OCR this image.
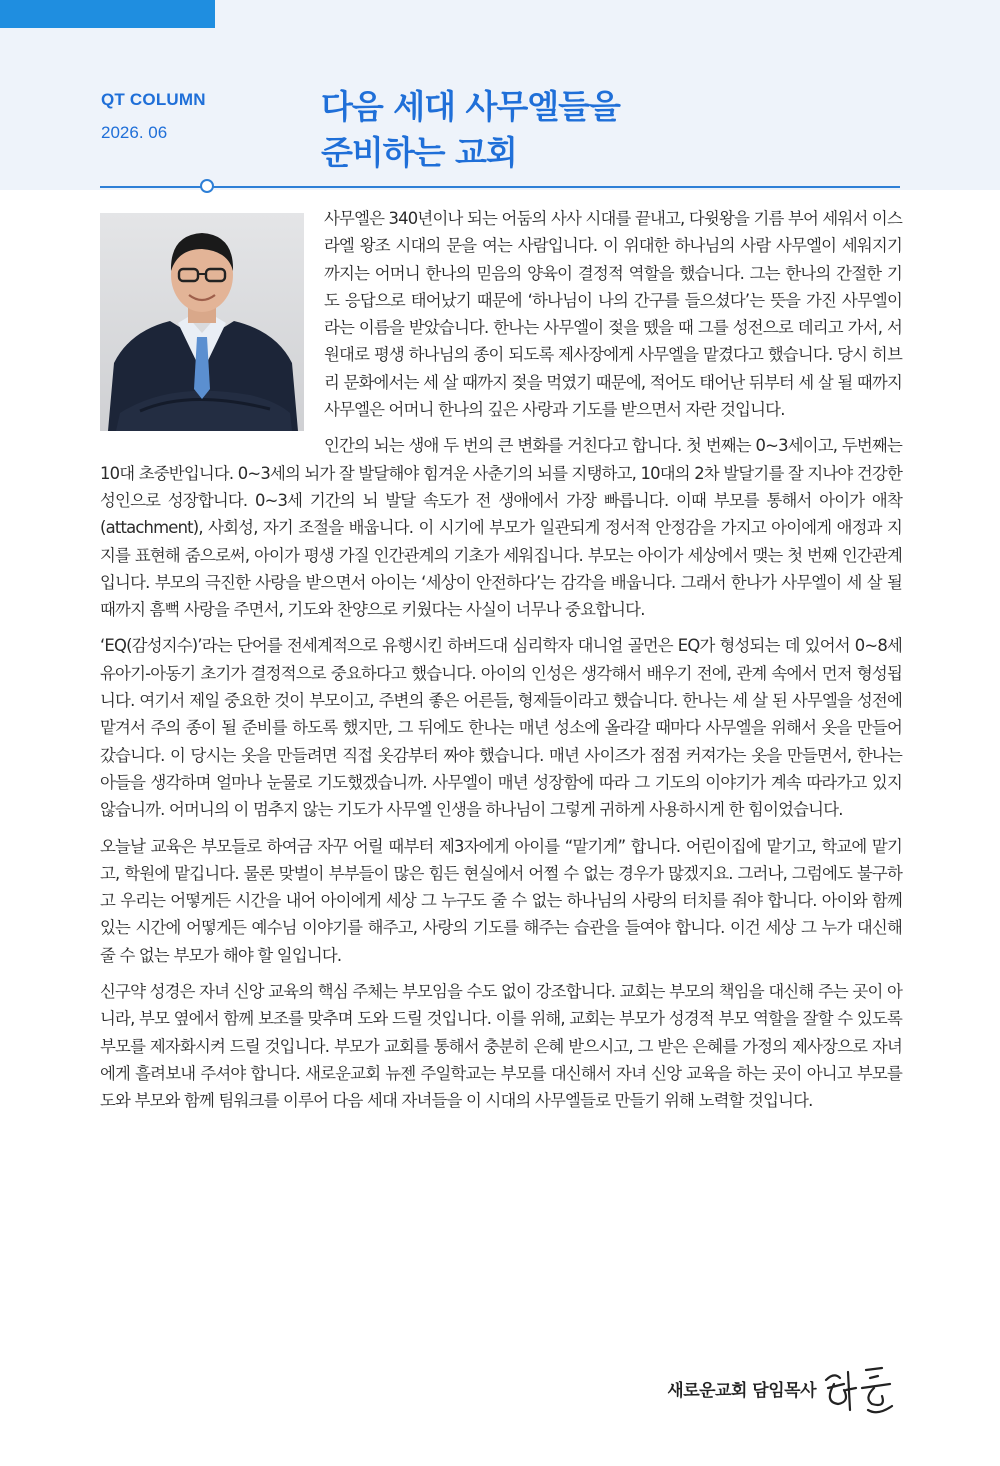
QT COLUMN
2026. 06
다음 세대 사무엘들을
준비하는 교회

사무엘은 340년이나 되는 어둠의 사사 시대를 끝내고, 다윗왕을 기름 부어 세워서 이스라엘 왕조 시대의 문을 여는 사람입니다. 이 위대한 하나님의 사람 사무엘이 세워지기까지는 어머니 한나의 믿음의 양육이 결정적 역할을 했습니다. 그는 한나의 간절한 기도 응답으로 태어났기 때문에 ‘하나님이 나의 간구를 들으셨다’는 뜻을 가진 사무엘이라는 이름을 받았습니다. 한나는 사무엘이 젖을 뗐을 때 그를 성전으로 데리고 가서, 서원대로 평생 하나님의 종이 되도록 제사장에게 사무엘을 맡겼다고 했습니다. 당시 히브리 문화에서는 세 살 때까지 젖을 먹였기 때문에, 적어도 태어난 뒤부터 세 살 될 때까지 사무엘은 어머니 한나의 깊은 사랑과 기도를 받으면서 자란 것입니다.

인간의 뇌는 생애 두 번의 큰 변화를 거친다고 합니다. 첫 번째는 0~3세이고, 두번째는 10대 초중반입니다. 0~3세의 뇌가 잘 발달해야 힘겨운 사춘기의 뇌를 지탱하고, 10대의 2차 발달기를 잘 지나야 건강한 성인으로 성장합니다. 0~3세 기간의 뇌 발달 속도가 전 생애에서 가장 빠릅니다. 이때 부모를 통해서 아이가 애착(attachment), 사회성, 자기 조절을 배웁니다. 이 시기에 부모가 일관되게 정서적 안정감을 가지고 아이에게 애정과 지지를 표현해 줌으로써, 아이가 평생 가질 인간관계의 기초가 세워집니다. 부모는 아이가 세상에서 맺는 첫 번째 인간관계입니다. 부모의 극진한 사랑을 받으면서 아이는 ‘세상이 안전하다’는 감각을 배웁니다. 그래서 한나가 사무엘이 세 살 될 때까지 흠뻑 사랑을 주면서, 기도와 찬양으로 키웠다는 사실이 너무나 중요합니다.

‘EQ(감성지수)’라는 단어를 전세계적으로 유행시킨 하버드대 심리학자 대니얼 골먼은 EQ가 형성되는 데 있어서 0~8세 유아기-아동기 초기가 결정적으로 중요하다고 했습니다. 아이의 인성은 생각해서 배우기 전에, 관계 속에서 먼저 형성됩니다. 여기서 제일 중요한 것이 부모이고, 주변의 좋은 어른들, 형제들이라고 했습니다. 한나는 세 살 된 사무엘을 성전에 맡겨서 주의 종이 될 준비를 하도록 했지만, 그 뒤에도 한나는 매년 성소에 올라갈 때마다 사무엘을 위해서 옷을 만들어 갔습니다. 이 당시는 옷을 만들려면 직접 옷감부터 짜야 했습니다. 매년 사이즈가 점점 커져가는 옷을 만들면서, 한나는 아들을 생각하며 얼마나 눈물로 기도했겠습니까. 사무엘이 매년 성장함에 따라 그 기도의 이야기가 계속 따라가고 있지 않습니까. 어머니의 이 멈추지 않는 기도가 사무엘 인생을 하나님이 그렇게 귀하게 사용하시게 한 힘이었습니다.

오늘날 교육은 부모들로 하여금 자꾸 어릴 때부터 제3자에게 아이를 “맡기게” 합니다. 어린이집에 맡기고, 학교에 맡기고, 학원에 맡깁니다. 물론 맞벌이 부부들이 많은 힘든 현실에서 어쩔 수 없는 경우가 많겠지요. 그러나, 그럼에도 불구하고 우리는 어떻게든 시간을 내어 아이에게 세상 그 누구도 줄 수 없는 하나님의 사랑의 터치를 줘야 합니다. 아이와 함께 있는 시간에 어떻게든 예수님 이야기를 해주고, 사랑의 기도를 해주는 습관을 들여야 합니다. 이건 세상 그 누가 대신해 줄 수 없는 부모가 해야 할 일입니다.

신구약 성경은 자녀 신앙 교육의 핵심 주체는 부모임을 수도 없이 강조합니다. 교회는 부모의 책임을 대신해 주는 곳이 아니라, 부모 옆에서 함께 보조를 맞추며 도와 드릴 것입니다. 이를 위해, 교회는 부모가 성경적 부모 역할을 잘할 수 있도록 부모를 제자화시켜 드릴 것입니다. 부모가 교회를 통해서 충분히 은혜 받으시고, 그 받은 은혜를 가정의 제사장으로 자녀에게 흘려보내 주셔야 합니다. 새로운교회 뉴젠 주일학교는 부모를 대신해서 자녀 신앙 교육을 하는 곳이 아니고 부모를 도와 부모와 함께 팀워크를 이루어 다음 세대 자녀들을 이 시대의 사무엘들로 만들기 위해 노력할 것입니다.

새로운교회 담임목사
